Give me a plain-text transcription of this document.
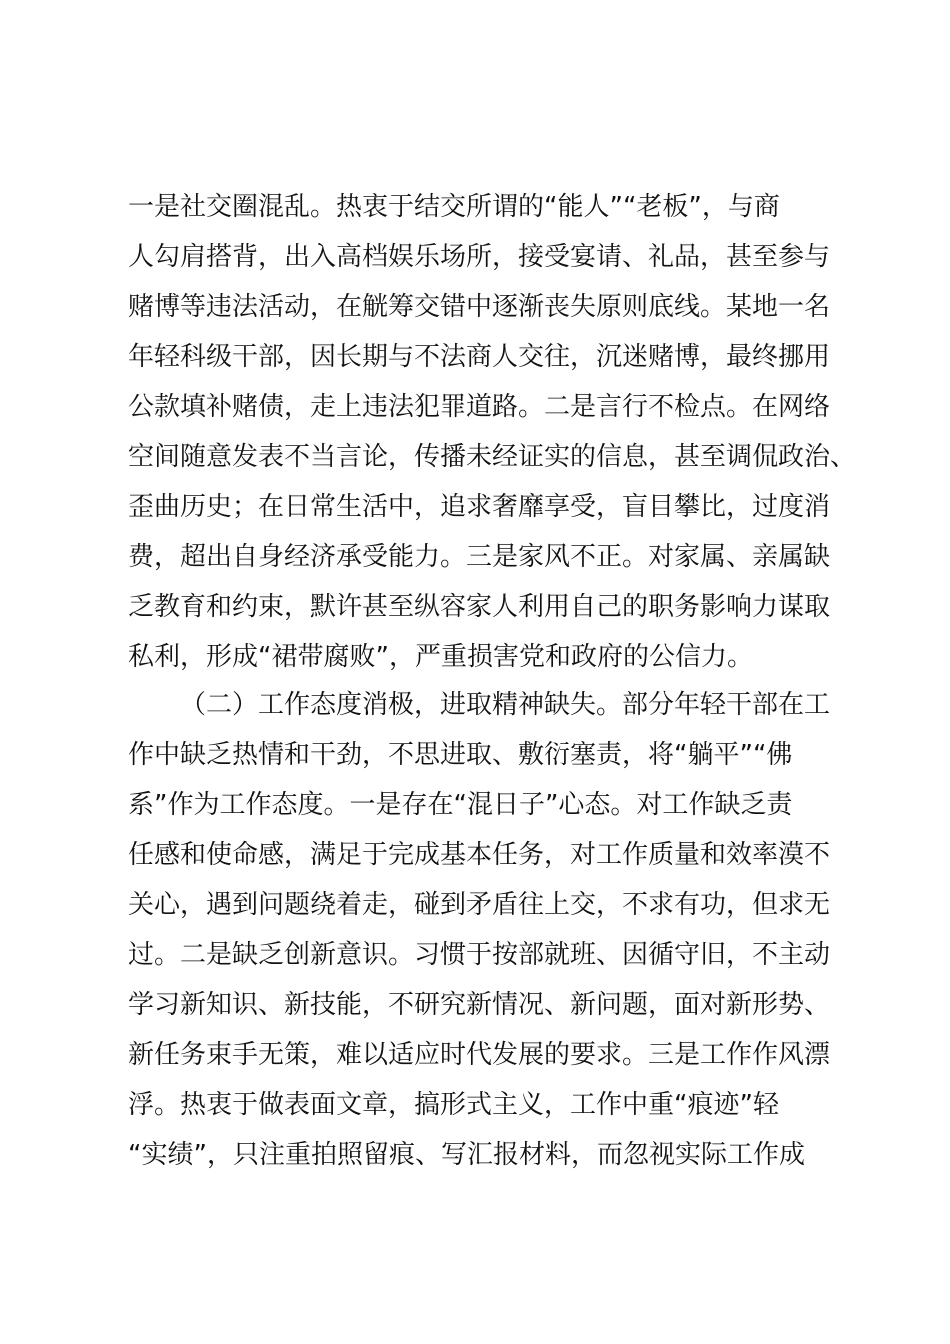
一是社交圈混乱。热衷于结交所谓的“能人”“老板”，与商
人勾肩搭背，出入高档娱乐场所，接受宴请、礼品，甚至参与
赌博等违法活动，在觥筹交错中逐渐丧失原则底线。某地一名
年轻科级干部，因长期与不法商人交往，沉迷赌博，最终挪用
公款填补赌债，走上违法犯罪道路。二是言行不检点。在网络
空间随意发表不当言论，传播未经证实的信息，甚至调侃政治、
歪曲历史；在日常生活中，追求奢靡享受，盲目攀比，过度消
费，超出自身经济承受能力。三是家风不正。对家属、亲属缺
乏教育和约束，默许甚至纵容家人利用自己的职务影响力谋取
私利，形成“裙带腐败”，严重损害党和政府的公信力。
（二）工作态度消极，进取精神缺失。部分年轻干部在工
作中缺乏热情和干劲，不思进取、敷衍塞责，将“躺平”“佛
系”作为工作态度。一是存在“混日子”心态。对工作缺乏责
任感和使命感，满足于完成基本任务，对工作质量和效率漠不
关心，遇到问题绕着走，碰到矛盾往上交，不求有功，但求无
过。二是缺乏创新意识。习惯于按部就班、因循守旧，不主动
学习新知识、新技能，不研究新情况、新问题，面对新形势、
新任务束手无策，难以适应时代发展的要求。三是工作作风漂
浮。热衷于做表面文章，搞形式主义，工作中重“痕迹”轻
“实绩”，只注重拍照留痕、写汇报材料，而忽视实际工作成
